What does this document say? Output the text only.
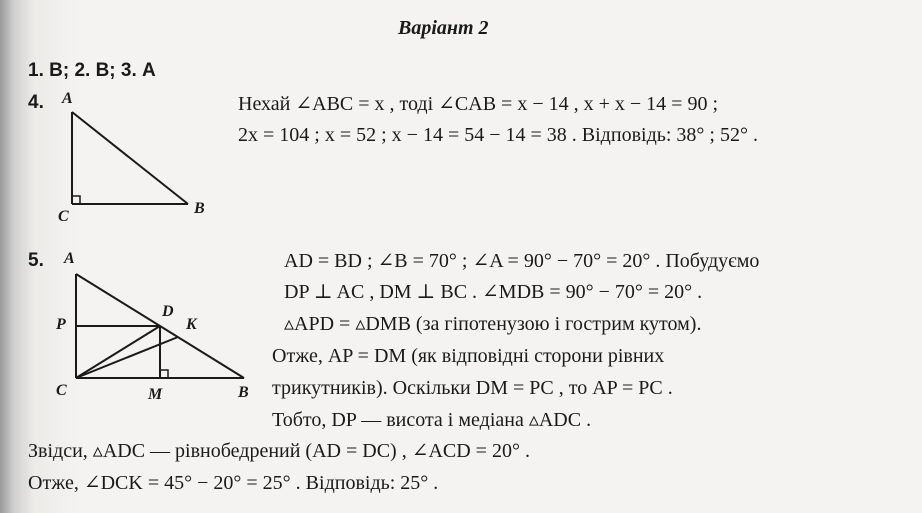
Варіант 2
1. В; 2. В; 3. А
4.	Нехай ∠ABC = x , тоді ∠CAB = x − 14 , x + x − 14 = 90 ;
2x = 104 ; x = 52 ; x − 14 = 54 − 14 = 38 . Відповідь: 38° ; 52° .
A
C	B
5. A
P
D
K
C	M	B
AD = BD ; ∠B = 70° ; ∠A = 90° − 70° = 20° . Побудуємо
DP ⊥ AC , DM ⊥ BC . ∠MDB = 90° − 70° = 20° .
▵APD = ▵DMB (за гіпотенузою і гострим кутом).
Отже, AP = DM (як відповідні сторони рівних
трикутників). Оскільки DM = PC , то AP = PC .
Тобто, DP — висота і медіана ▵ADC .
Звідси, ▵ADC — рівнобедрений (AD = DC) , ∠ACD = 20° .
Отже, ∠DCK = 45° − 20° = 25° . Відповідь: 25° .
